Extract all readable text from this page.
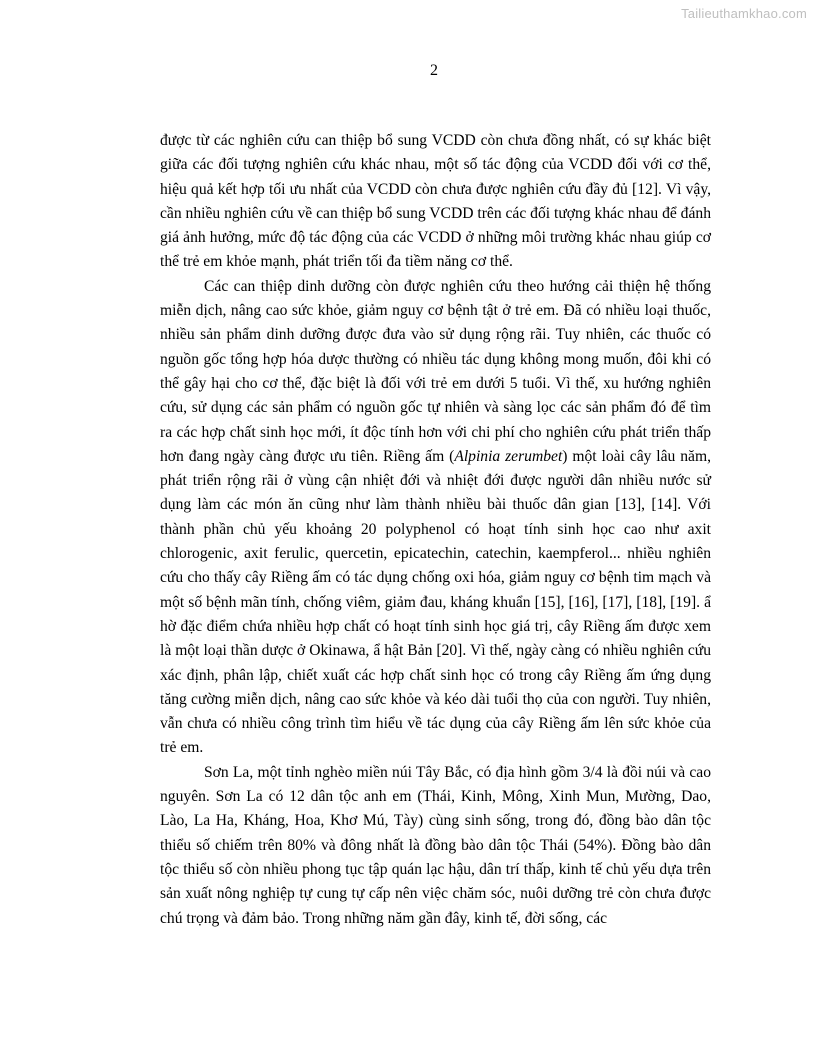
Tailieuthamkhao.com
2

được từ các nghiên cứu can thiệp bổ sung VCDD còn chưa đồng nhất, có sự khác biệt giữa các đối tượng nghiên cứu khác nhau, một số tác động của VCDD đối với cơ thể, hiệu quả kết hợp tối ưu nhất của VCDD còn chưa được nghiên cứu đầy đủ [12]. Vì vậy, cần nhiều nghiên cứu về can thiệp bổ sung VCDD trên các đối tượng khác nhau để đánh giá ảnh hưởng, mức độ tác động của các VCDD ở những môi trường khác nhau giúp cơ thể trẻ em khỏe mạnh, phát triển tối đa tiềm năng cơ thể.

Các can thiệp dinh dưỡng còn được nghiên cứu theo hướng cải thiện hệ thống miễn dịch, nâng cao sức khỏe, giảm nguy cơ bệnh tật ở trẻ em. Đã có nhiều loại thuốc, nhiều sản phẩm dinh dưỡng được đưa vào sử dụng rộng rãi. Tuy nhiên, các thuốc có nguồn gốc tổng hợp hóa dược thường có nhiều tác dụng không mong muốn, đôi khi có thể gây hại cho cơ thể, đặc biệt là đối với trẻ em dưới 5 tuổi. Vì thế, xu hướng nghiên cứu, sử dụng các sản phẩm có nguồn gốc tự nhiên và sàng lọc các sản phẩm đó để tìm ra các hợp chất sinh học mới, ít độc tính hơn với chi phí cho nghiên cứu phát triển thấp hơn đang ngày càng được ưu tiên. Riềng ấm (Alpinia zerumbet) một loài cây lâu năm, phát triển rộng rãi ở vùng cận nhiệt đới và nhiệt đới được người dân nhiều nước sử dụng làm các món ăn cũng như làm thành nhiều bài thuốc dân gian [13], [14]. Với thành phần chủ yếu khoảng 20 polyphenol có hoạt tính sinh học cao như axit chlorogenic, axit ferulic, quercetin, epicatechin, catechin, kaempferol... nhiều nghiên cứu cho thấy cây Riềng ấm có tác dụng chống oxi hóa, giảm nguy cơ bệnh tim mạch và một số bệnh mãn tính, chống viêm, giảm đau, kháng khuẩn [15], [16], [17], [18], [19]. ẩ hờ đặc điểm chứa nhiều hợp chất có hoạt tính sinh học giá trị, cây Riềng ấm được xem là một loại thần dược ở Okinawa, ẩ hật Bản [20]. Vì thế, ngày càng có nhiều nghiên cứu xác định, phân lập, chiết xuất các hợp chất sinh học có trong cây Riềng ấm ứng dụng tăng cường miễn dịch, nâng cao sức khỏe và kéo dài tuổi thọ của con người. Tuy nhiên, vẫn chưa có nhiều công trình tìm hiểu về tác dụng của cây Riềng ấm lên sức khỏe của trẻ em.

Sơn La, một tỉnh nghèo miền núi Tây Bắc, có địa hình gồm 3/4 là đồi núi và cao nguyên. Sơn La có 12 dân tộc anh em (Thái, Kinh, Mông, Xinh Mun, Mường, Dao, Lào, La Ha, Kháng, Hoa, Khơ Mú, Tày) cùng sinh sống, trong đó, đồng bào dân tộc thiểu số chiếm trên 80% và đông nhất là đồng bào dân tộc Thái (54%). Đồng bào dân tộc thiểu số còn nhiều phong tục tập quán lạc hậu, dân trí thấp, kinh tế chủ yếu dựa trên sản xuất nông nghiệp tự cung tự cấp nên việc chăm sóc, nuôi dưỡng trẻ còn chưa được chú trọng và đảm bảo. Trong những năm gần đây, kinh tế, đời sống, các
